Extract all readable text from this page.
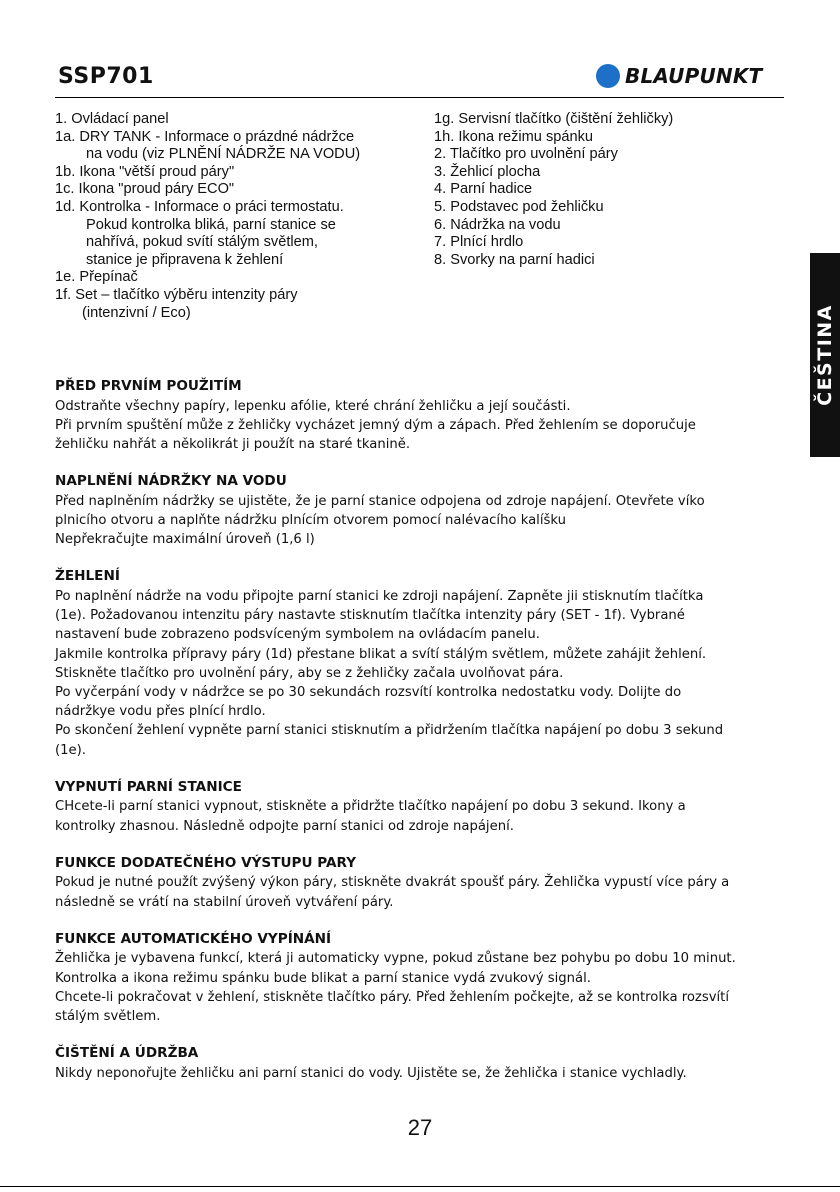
SSP701	BLAUPUNKT
1. Ovládací panel
1a. DRY TANK - Informace o prázdné nádržce
na vodu (viz PLNĚNÍ NÁDRŽE NA VODU)
1b. Ikona "větší proud páry"
1c. Ikona "proud páry ECO"
1d. Kontrolka - Informace o práci termostatu.
Pokud kontrolka bliká, parní stanice se
nahřívá, pokud svítí stálým světlem,
stanice je připravena k žehlení
1e. Přepínač
1f. Set – tlačítko výběru intenzity páry
(intenzivní / Eco)
1g. Servisní tlačítko (čištění žehličky)
1h. Ikona režimu spánku
2. Tlačítko pro uvolnění páry
3. Žehlicí plocha
4. Parní hadice
5. Podstavec pod žehličku
6. Nádržka na vodu
7. Plnící hrdlo
8. Svorky na parní hadici
ČEŠTINA
PŘED PRVNÍM POUŽITÍM

Odstraňte všechny papíry, lepenku afólie, které chrání žehličku a její součásti.

Při prvním spuštění může z žehličky vycházet jemný dým a zápach. Před žehlením se doporučuje

žehličku nahřát a několikrát ji použít na staré tkanině.

NAPLNĚNÍ NÁDRŽKY NA VODU

Před naplněním nádržky se ujistěte, že je parní stanice odpojena od zdroje napájení. Otevřete víko

plnicího otvoru a naplňte nádržku plnícím otvorem pomocí nalévacího kalíšku

Nepřekračujte maximální úroveň (1,6 l)

ŽEHLENÍ

Po naplnění nádrže na vodu připojte parní stanici ke zdroji napájení. Zapněte jii stisknutím tlačítka

(1e). Požadovanou intenzitu páry nastavte stisknutím tlačítka intenzity páry (SET - 1f). Vybrané

nastavení bude zobrazeno podsvíceným symbolem na ovládacím panelu.

Jakmile kontrolka přípravy páry (1d) přestane blikat a svítí stálým světlem, můžete zahájit žehlení.

Stiskněte tlačítko pro uvolnění páry, aby se z žehličky začala uvolňovat pára.

Po vyčerpání vody v nádržce se po 30 sekundách rozsvítí kontrolka nedostatku vody. Dolijte do

nádržkye vodu přes plnící hrdlo.

Po skončení žehlení vypněte parní stanici stisknutím a přidržením tlačítka napájení po dobu 3 sekund

(1e).

VYPNUTÍ PARNÍ STANICE

CHcete-li parní stanici vypnout, stiskněte a přidržte tlačítko napájení po dobu 3 sekund. Ikony a

kontrolky zhasnou. Následně odpojte parní stanici od zdroje napájení.

FUNKCE DODATEČNÉHO VÝSTUPU PARY

Pokud je nutné použít zvýšený výkon páry, stiskněte dvakrát spoušť páry. Žehlička vypustí více páry a

následně se vrátí na stabilní úroveň vytváření páry.

FUNKCE AUTOMATICKÉHO VYPÍNÁNÍ

Žehlička je vybavena funkcí, která ji automaticky vypne, pokud zůstane bez pohybu po dobu 10 minut.

Kontrolka a ikona režimu spánku bude blikat a parní stanice vydá zvukový signál.

Chcete-li pokračovat v žehlení, stiskněte tlačítko páry. Před žehlením počkejte, až se kontrolka rozsvítí

stálým světlem.

ČIŠTĚNÍ A ÚDRŽBA

Nikdy neponořujte žehličku ani parní stanici do vody. Ujistěte se, že žehlička i stanice vychladly.

27
